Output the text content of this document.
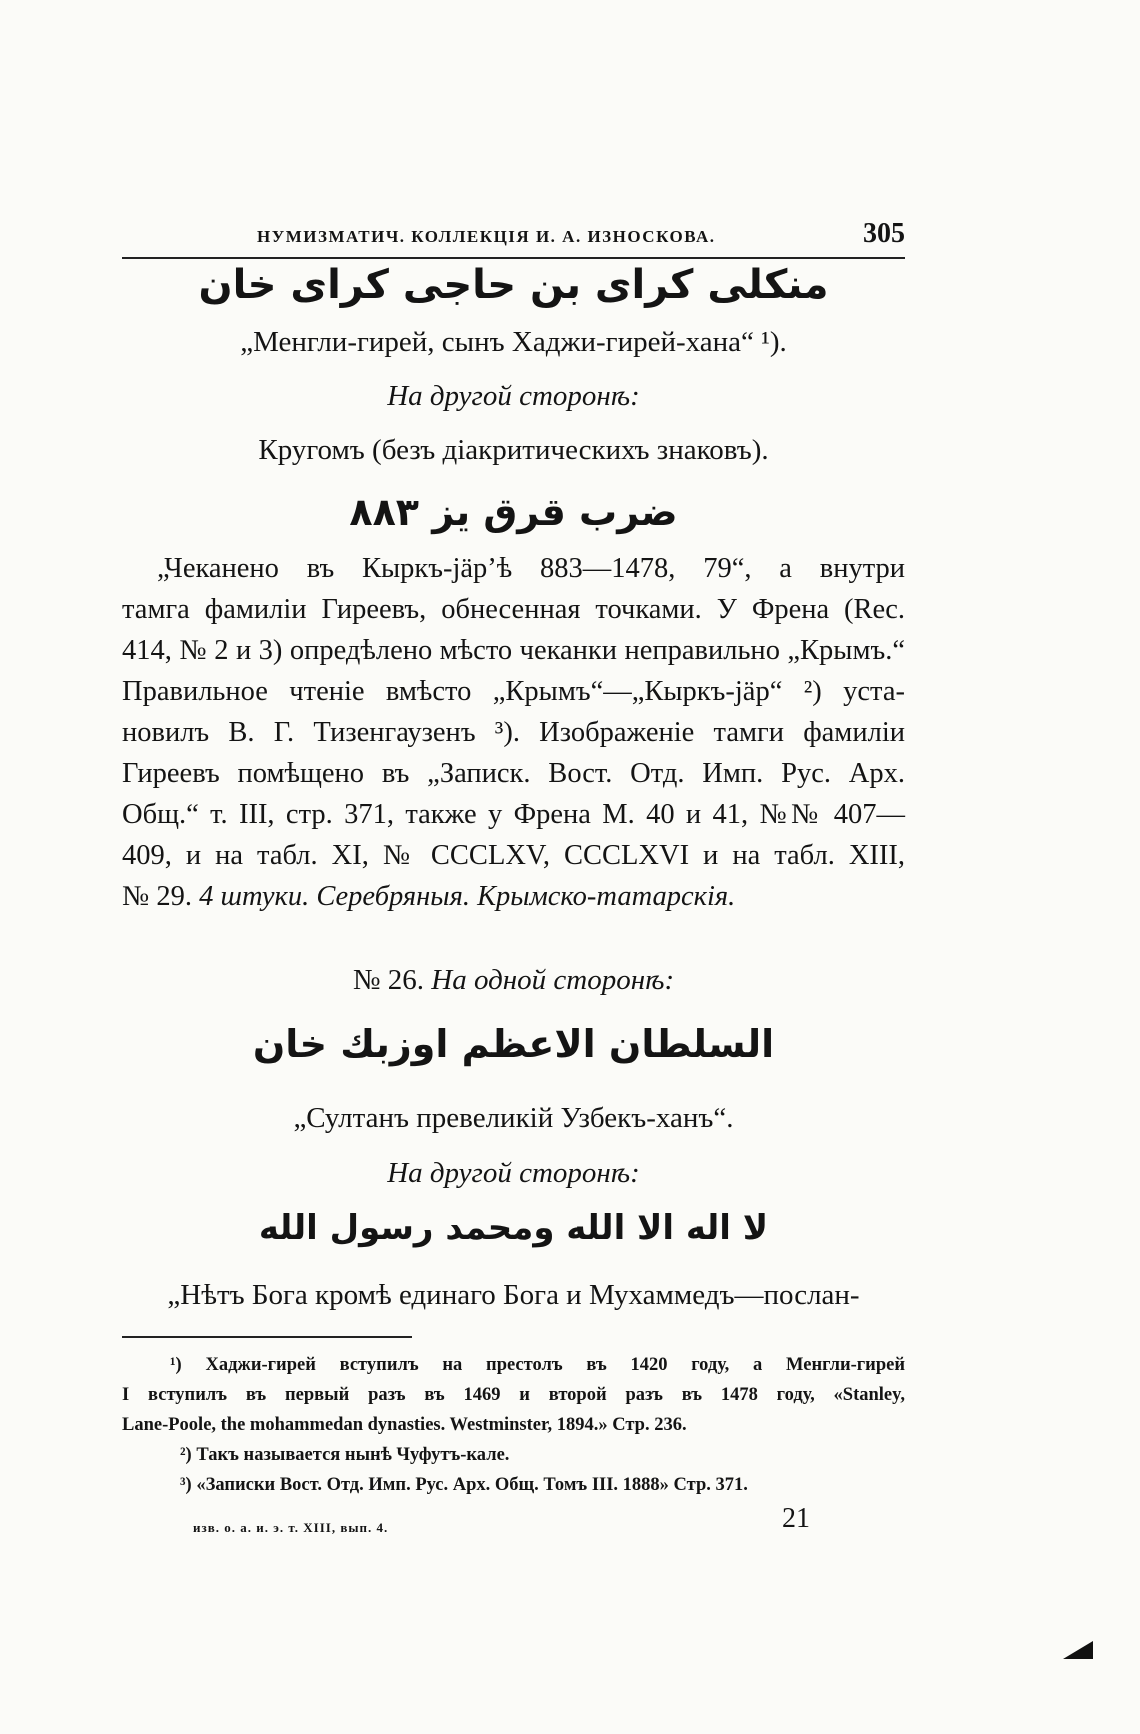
НУМИЗМАТИЧ. КОЛЛЕКЦІЯ И. А. ИЗНОСКОВА.	305
منكلى كراى بن حاجى كراى خان
„Менгли-гирей, сынъ Хаджи-гирей-хана“ ¹).
На другой сторонѣ:
Кругомъ (безъ діакритическихъ знаковъ).
ضرب قرق يز ٨٨٣
„Чеканено въ Кыркъ-jäр’ѣ 883—1478, 79“, а внутри
тамга фамиліи Гиреевъ, обнесенная точками. У Френа (Rec.
414, № 2 и 3) опредѣлено мѣсто чеканки неправильно „Крымъ.“
Правильное чтеніе вмѣсто „Крымъ“—„Кыркъ-jäр“ ²) уста-
новилъ В. Г. Тизенгаузенъ ³). Изображеніе тамги фамиліи
Гиреевъ помѣщено въ „Записк. Вост. Отд. Имп. Рус. Арх.
Общ.“ т. III, стр. 371, также у Френа М. 40 и 41, №№ 407—
409, и на табл. XI, № CCCLXV, CCCLXVI и на табл. XIII,
№ 29. 4 штуки. Серебряныя. Крымско-татарскія.
№ 26. На одной сторонѣ:
السلطان الاعظم اوزبك خان
„Султанъ превеликій Узбекъ-ханъ“.
На другой сторонѣ:
لا اله الا الله ومحمد رسول الله
„Нѣтъ Бога кромѣ единаго Бога и Мухаммедъ—послан-
¹) Хаджи-гирей вступилъ на престолъ въ 1420 году, а Менгли-гирей
I вступилъ въ первый разъ въ 1469 и второй разъ въ 1478 году, «Stanley,
Lane-Poole, the mohammedan dynasties. Westminster, 1894.» Стр. 236.
²) Такъ называется нынѣ Чуфутъ-кале.
³) «Записки Вост. Отд. Имп. Рус. Арх. Общ. Томъ III. 1888» Стр. 371.
изв. о. а. и. э. т. XIII, вып. 4.	21
